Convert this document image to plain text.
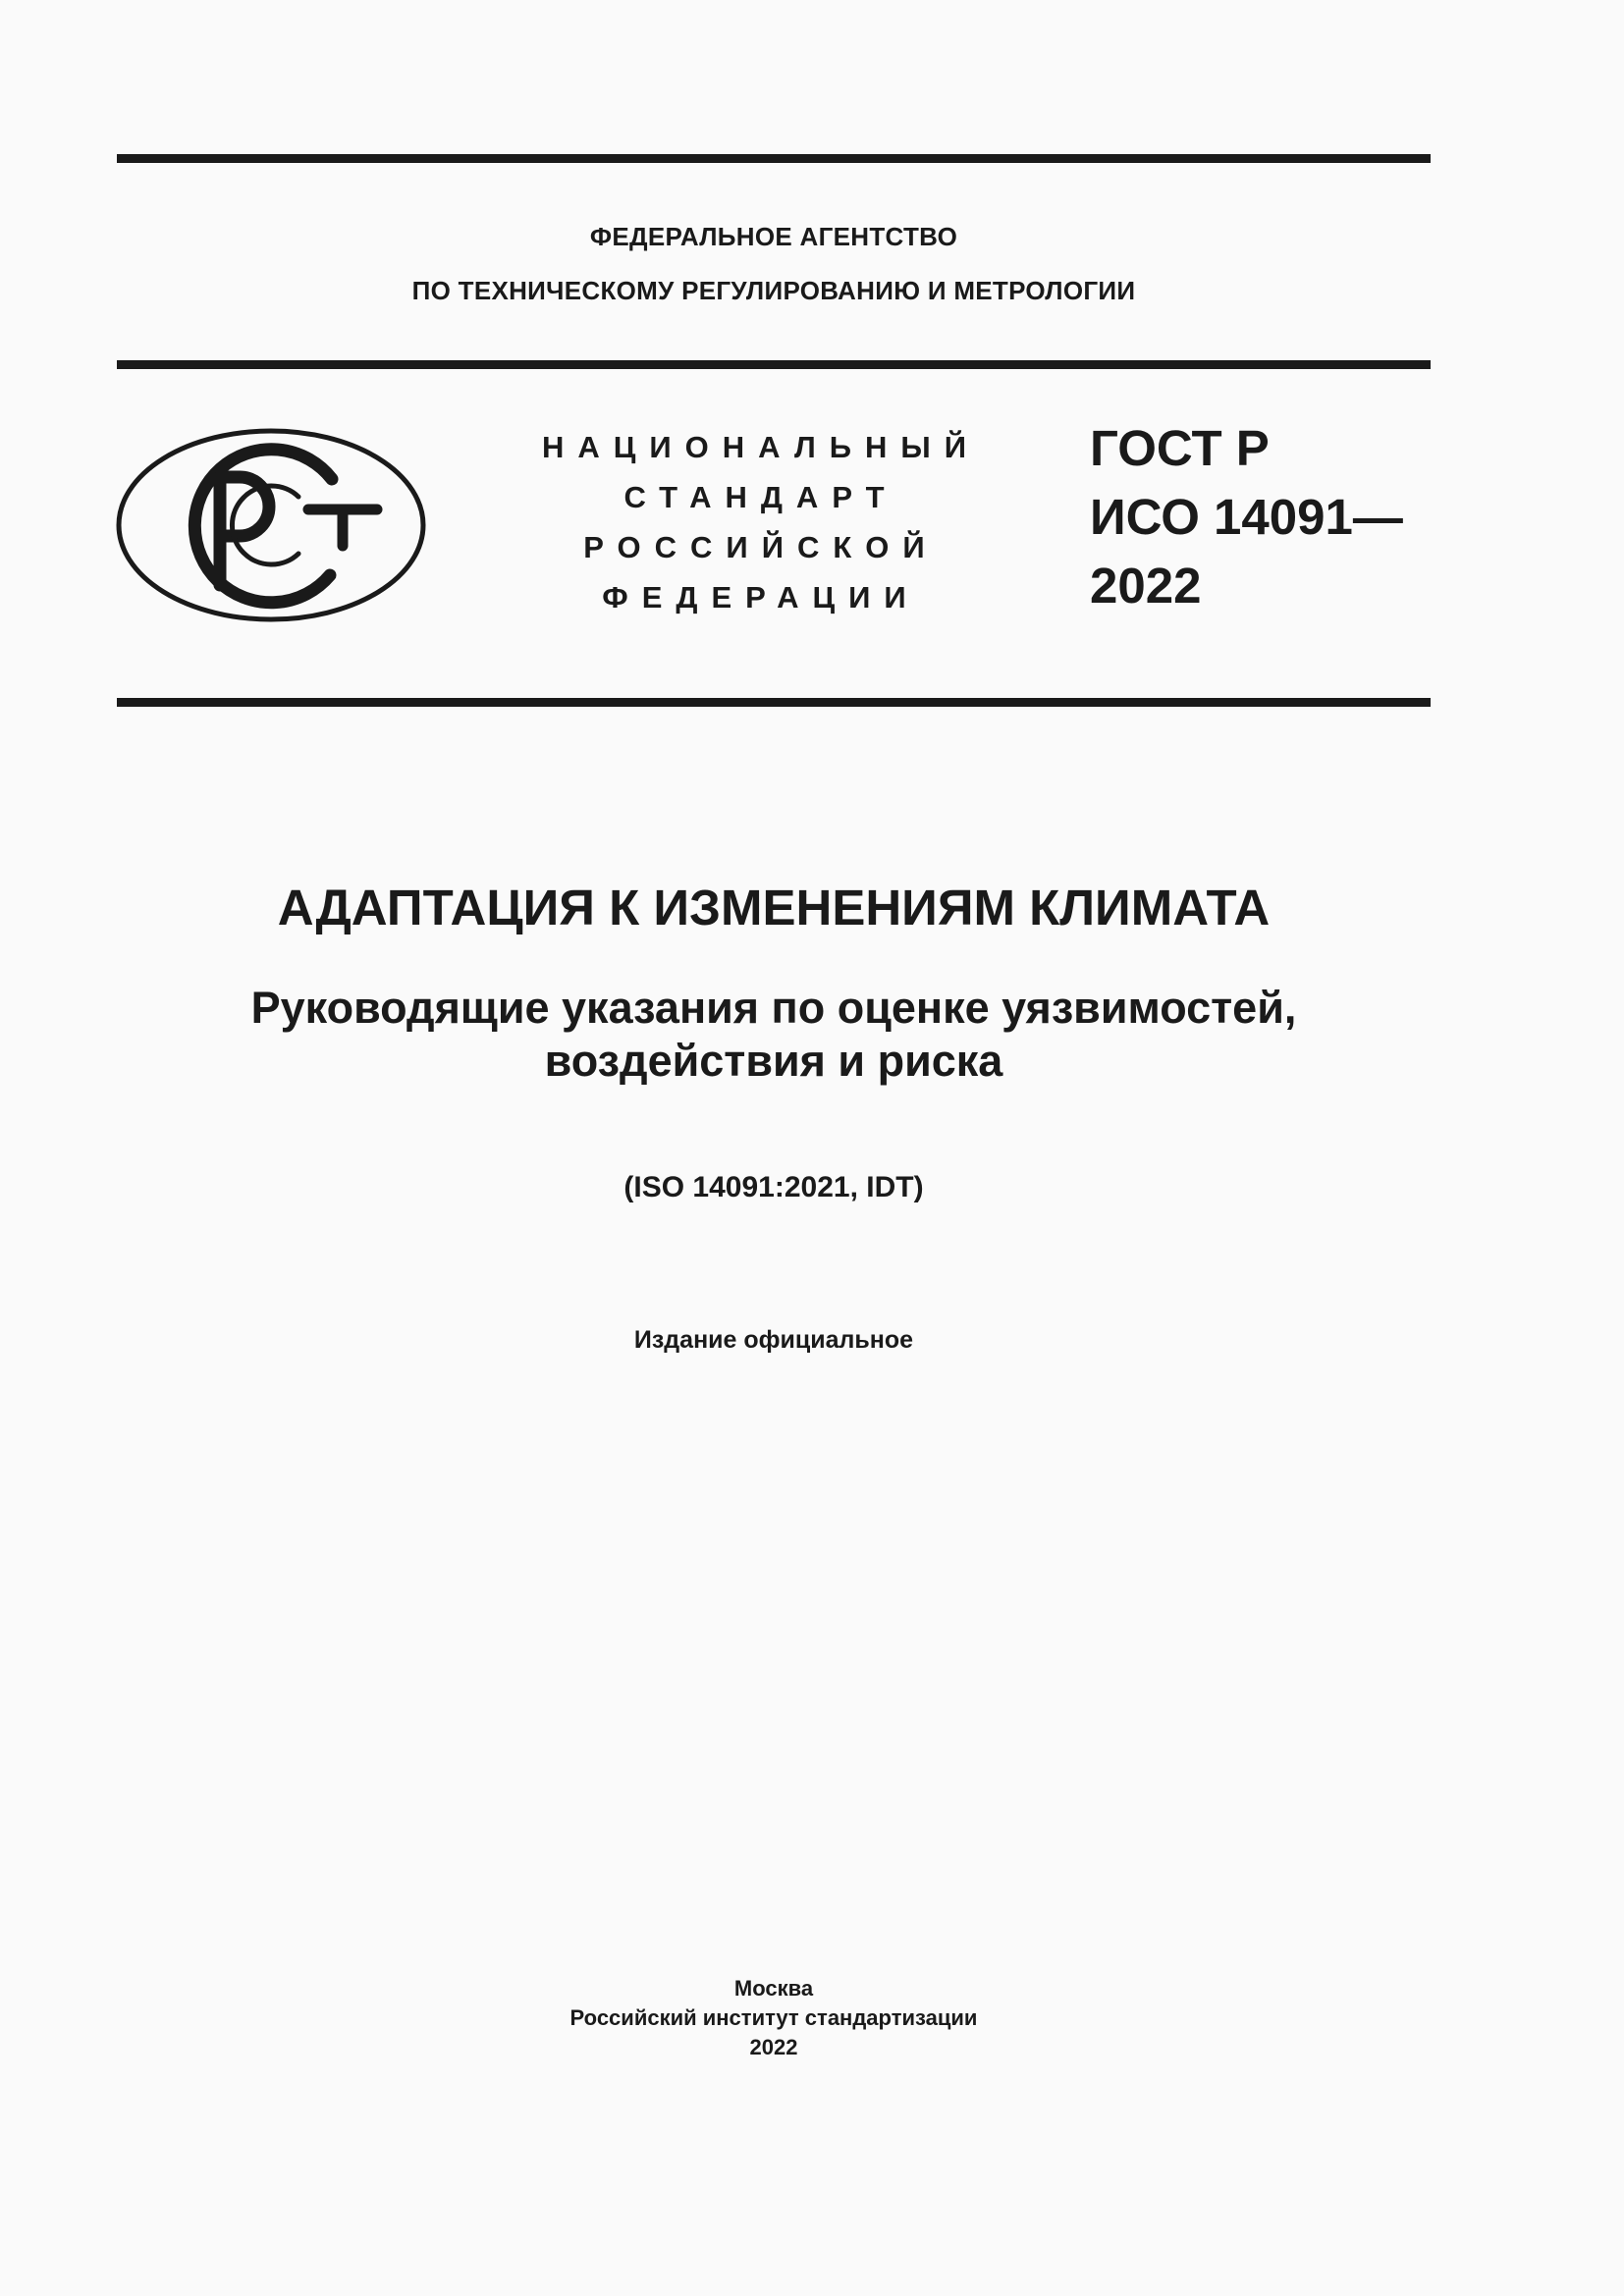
ФЕДЕРАЛЬНОЕ АГЕНТСТВО
ПО ТЕХНИЧЕСКОМУ РЕГУЛИРОВАНИЮ И МЕТРОЛОГИИ
НАЦИОНАЛЬНЫЙ
СТАНДАРТ
РОССИЙСКОЙ
ФЕДЕРАЦИИ
ГОСТ Р
ИСО 14091—
2022
АДАПТАЦИЯ К ИЗМЕНЕНИЯМ КЛИМАТА
Руководящие указания по оценке уязвимостей,
воздействия и риска
(ISO 14091:2021, IDT)
Издание официальное
Москва
Российский институт стандартизации
2022
